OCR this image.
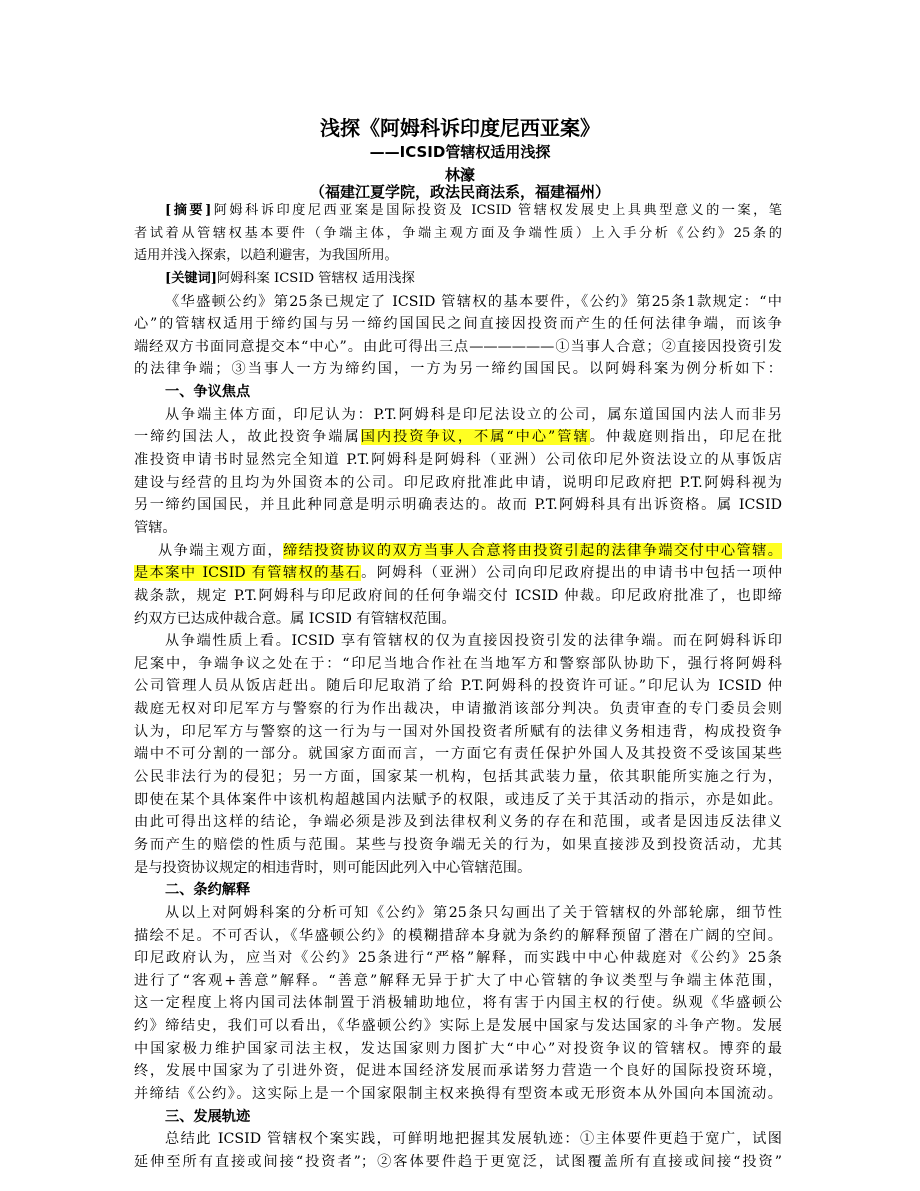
浅探《阿姆科诉印度尼西亚案》
——ICSID管辖权适用浅探
林濠
（福建江夏学院，政法民商法系，福建福州）
[摘要]阿姆科诉印度尼西亚案是国际投资及 ICSID 管辖权发展史上具典型意义的一案，笔
者试着从管辖权基本要件（争端主体，争端主观方面及争端性质）上入手分析《公约》25条的
适用并浅入探索，以趋利避害，为我国所用。
[关键词]阿姆科案 ICSID 管辖权 适用浅探
《华盛顿公约》第25条已规定了 ICSID 管辖权的基本要件，《公约》第25条1款规定：“中
心”的管辖权适用于缔约国与另一缔约国国民之间直接因投资而产生的任何法律争端，而该争
端经双方书面同意提交本“中心”。由此可得出三点——————①当事人合意；②直接因投资引发
的法律争端；③当事人一方为缔约国，一方为另一缔约国国民。以阿姆科案为例分析如下：
一、争议焦点
从争端主体方面，印尼认为：P.T.阿姆科是印尼法设立的公司，属东道国国内法人而非另
一缔约国法人，故此投资争端属国内投资争议，不属“中心”管辖。仲裁庭则指出，印尼在批
准投资申请书时显然完全知道 P.T.阿姆科是阿姆科（亚洲）公司依印尼外资法设立的从事饭店
建设与经营的且均为外国资本的公司。印尼政府批准此申请，说明印尼政府把 P.T.阿姆科视为
另一缔约国国民，并且此种同意是明示明确表达的。故而 P.T.阿姆科具有出诉资格。属 ICSID
管辖。
从争端主观方面，缔结投资协议的双方当事人合意将由投资引起的法律争端交付中心管辖。
是本案中 ICSID 有管辖权的基石。阿姆科（亚洲）公司向印尼政府提出的申请书中包括一项仲
裁条款，规定 P.T.阿姆科与印尼政府间的任何争端交付 ICSID 仲裁。印尼政府批准了，也即缔
约双方已达成仲裁合意。属 ICSID 有管辖权范围。
从争端性质上看。ICSID 享有管辖权的仅为直接因投资引发的法律争端。而在阿姆科诉印
尼案中，争端争议之处在于：“印尼当地合作社在当地军方和警察部队协助下，强行将阿姆科
公司管理人员从饭店赶出。随后印尼取消了给 P.T.阿姆科的投资许可证。”印尼认为 ICSID 仲
裁庭无权对印尼军方与警察的行为作出裁决，申请撤消该部分判决。负责审查的专门委员会则
认为，印尼军方与警察的这一行为与一国对外国投资者所赋有的法律义务相违背，构成投资争
端中不可分割的一部分。就国家方面而言，一方面它有责任保护外国人及其投资不受该国某些
公民非法行为的侵犯；另一方面，国家某一机构，包括其武装力量，依其职能所实施之行为，
即使在某个具体案件中该机构超越国内法赋予的权限，或违反了关于其活动的指示，亦是如此。
由此可得出这样的结论，争端必须是涉及到法律权利义务的存在和范围，或者是因违反法律义
务而产生的赔偿的性质与范围。某些与投资争端无关的行为，如果直接涉及到投资活动，尤其
是与投资协议规定的相违背时，则可能因此列入中心管辖范围。
二、条约解释
从以上对阿姆科案的分析可知《公约》第25条只勾画出了关于管辖权的外部轮廓，细节性
描绘不足。不可否认，《华盛顿公约》的模糊措辞本身就为条约的解释预留了潜在广阔的空间。
印尼政府认为，应当对《公约》25条进行“严格”解释，而实践中中心仲裁庭对《公约》25条
进行了“客观+善意”解释。“善意”解释无异于扩大了中心管辖的争议类型与争端主体范围，
这一定程度上将内国司法体制置于消极辅助地位，将有害于内国主权的行使。纵观《华盛顿公
约》缔结史，我们可以看出，《华盛顿公约》实际上是发展中国家与发达国家的斗争产物。发展
中国家极力维护国家司法主权，发达国家则力图扩大“中心”对投资争议的管辖权。博弈的最
终，发展中国家为了引进外资，促进本国经济发展而承诺努力营造一个良好的国际投资环境，
并缔结《公约》。这实际上是一个国家限制主权来换得有型资本或无形资本从外国向本国流动。
三、发展轨迹
总结此 ICSID 管辖权个案实践，可鲜明地把握其发展轨迹：①主体要件更趋于宽广，试图
延伸至所有直接或间接“投资者”；②客体要件趋于更宽泛，试图覆盖所有直接或间接“投资”
